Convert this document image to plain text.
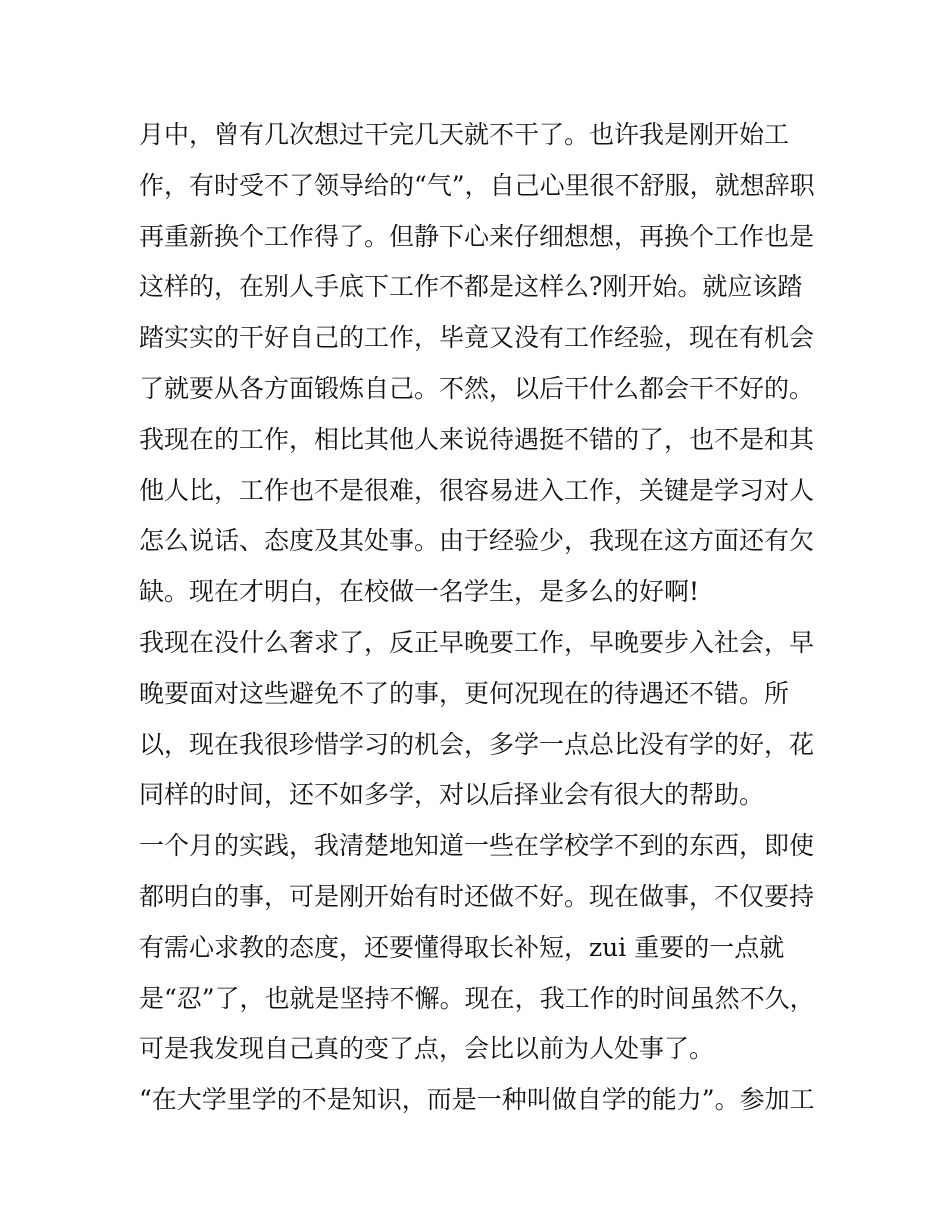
月中，曾有几次想过干完几天就不干了。也许我是刚开始工
作，有时受不了领导给的“气”，自己心里很不舒服，就想辞职
再重新换个工作得了。但静下心来仔细想想，再换个工作也是
这样的，在别人手底下工作不都是这样么?刚开始。就应该踏
踏实实的干好自己的工作，毕竟又没有工作经验，现在有机会
了就要从各方面锻炼自己。不然，以后干什么都会干不好的。
我现在的工作，相比其他人来说待遇挺不错的了，也不是和其
他人比，工作也不是很难，很容易进入工作，关键是学习对人
怎么说话、态度及其处事。由于经验少，我现在这方面还有欠
缺。现在才明白，在校做一名学生，是多么的好啊!
我现在没什么奢求了，反正早晚要工作，早晚要步入社会，早
晚要面对这些避免不了的事，更何况现在的待遇还不错。所
以，现在我很珍惜学习的机会，多学一点总比没有学的好，花
同样的时间，还不如多学，对以后择业会有很大的帮助。
一个月的实践，我清楚地知道一些在学校学不到的东西，即使
都明白的事，可是刚开始有时还做不好。现在做事，不仅要持
有需心求教的态度，还要懂得取长补短，zui 重要的一点就
是“忍”了，也就是坚持不懈。现在，我工作的时间虽然不久，
可是我发现自己真的变了点，会比以前为人处事了。
“在大学里学的不是知识，而是一种叫做自学的能力”。参加工
